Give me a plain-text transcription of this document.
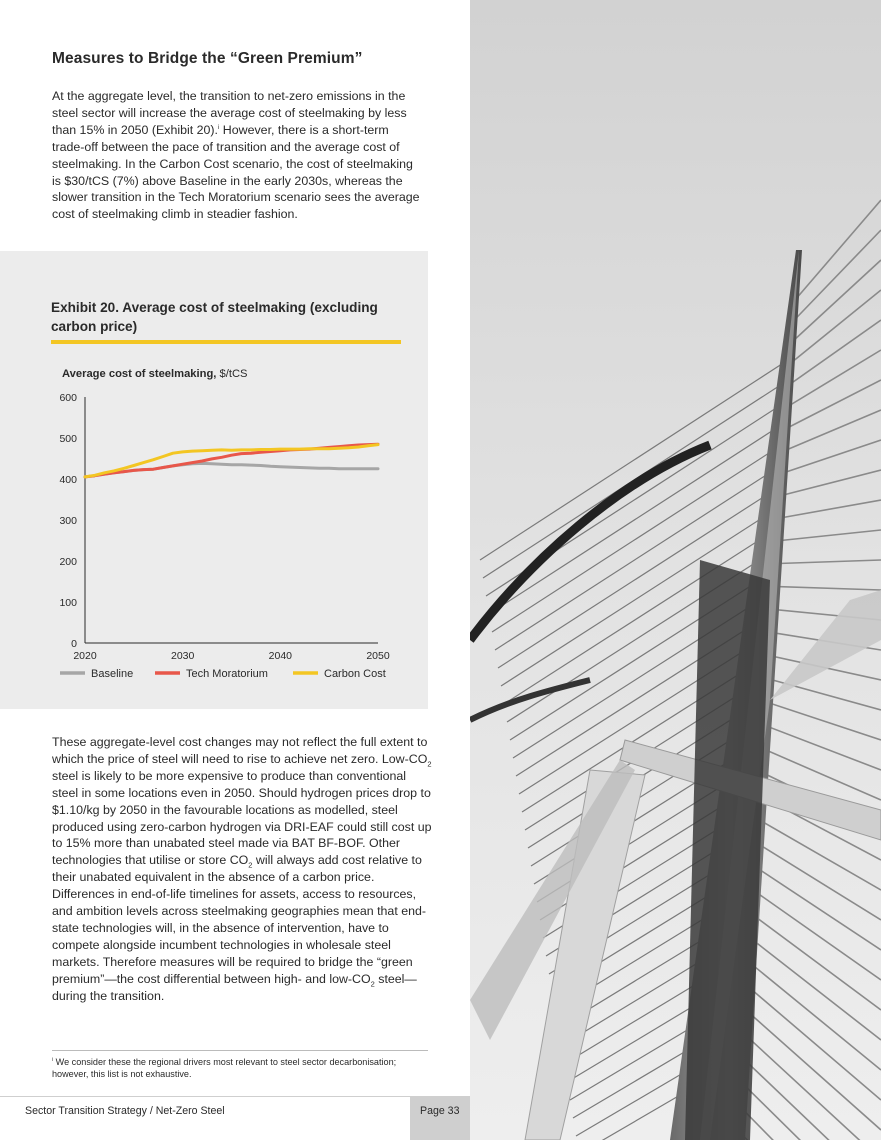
Measures to Bridge the “Green Premium”
At the aggregate level, the transition to net-zero emissions in the steel sector will increase the average cost of steelmaking by less than 15% in 2050 (Exhibit 20).$^i$ However, there is a short-term trade-off between the pace of transition and the average cost of steelmaking. In the Carbon Cost scenario, the cost of steelmaking is $30/tCS (7%) above Baseline in the early 2030s, whereas the slower transition in the Tech Moratorium scenario sees the average cost of steelmaking climb in steadier fashion.
Exhibit 20. Average cost of steelmaking (excluding carbon price)
Average cost of steelmaking, $/tCS
0
100
200
300
400
500
600
2020	2030	2040	2050
Baseline	Tech Moratorium	Carbon Cost
These aggregate-level cost changes may not reflect the full extent to which the price of steel will need to rise to achieve net zero. Low-$CO_2$ steel is likely to be more expensive to produce than conventional steel in some locations even in 2050. Should hydrogen prices drop to $1.10/kg by 2050 in the favourable locations as modelled, steel produced using zero-carbon hydrogen via DRI-EAF could still cost up to 15% more than unabated steel made via BAT BF-BOF. Other technologies that utilise or store $CO_2$ will always add cost relative to their unabated equivalent in the absence of a carbon price. Differences in end-of-life timelines for assets, access to resources, and ambition levels across steelmaking geographies mean that end-state technologies will, in the absence of intervention, have to compete alongside incumbent technologies in wholesale steel markets. Therefore measures will be required to bridge the “green premium”—the cost differential between high- and low-$CO_2$ steel—during the transition.
$^i$ We consider these the regional drivers most relevant to steel sector decarbonisation; however, this list is not exhaustive.
Sector Transition Strategy / Net-Zero Steel	Page 33
